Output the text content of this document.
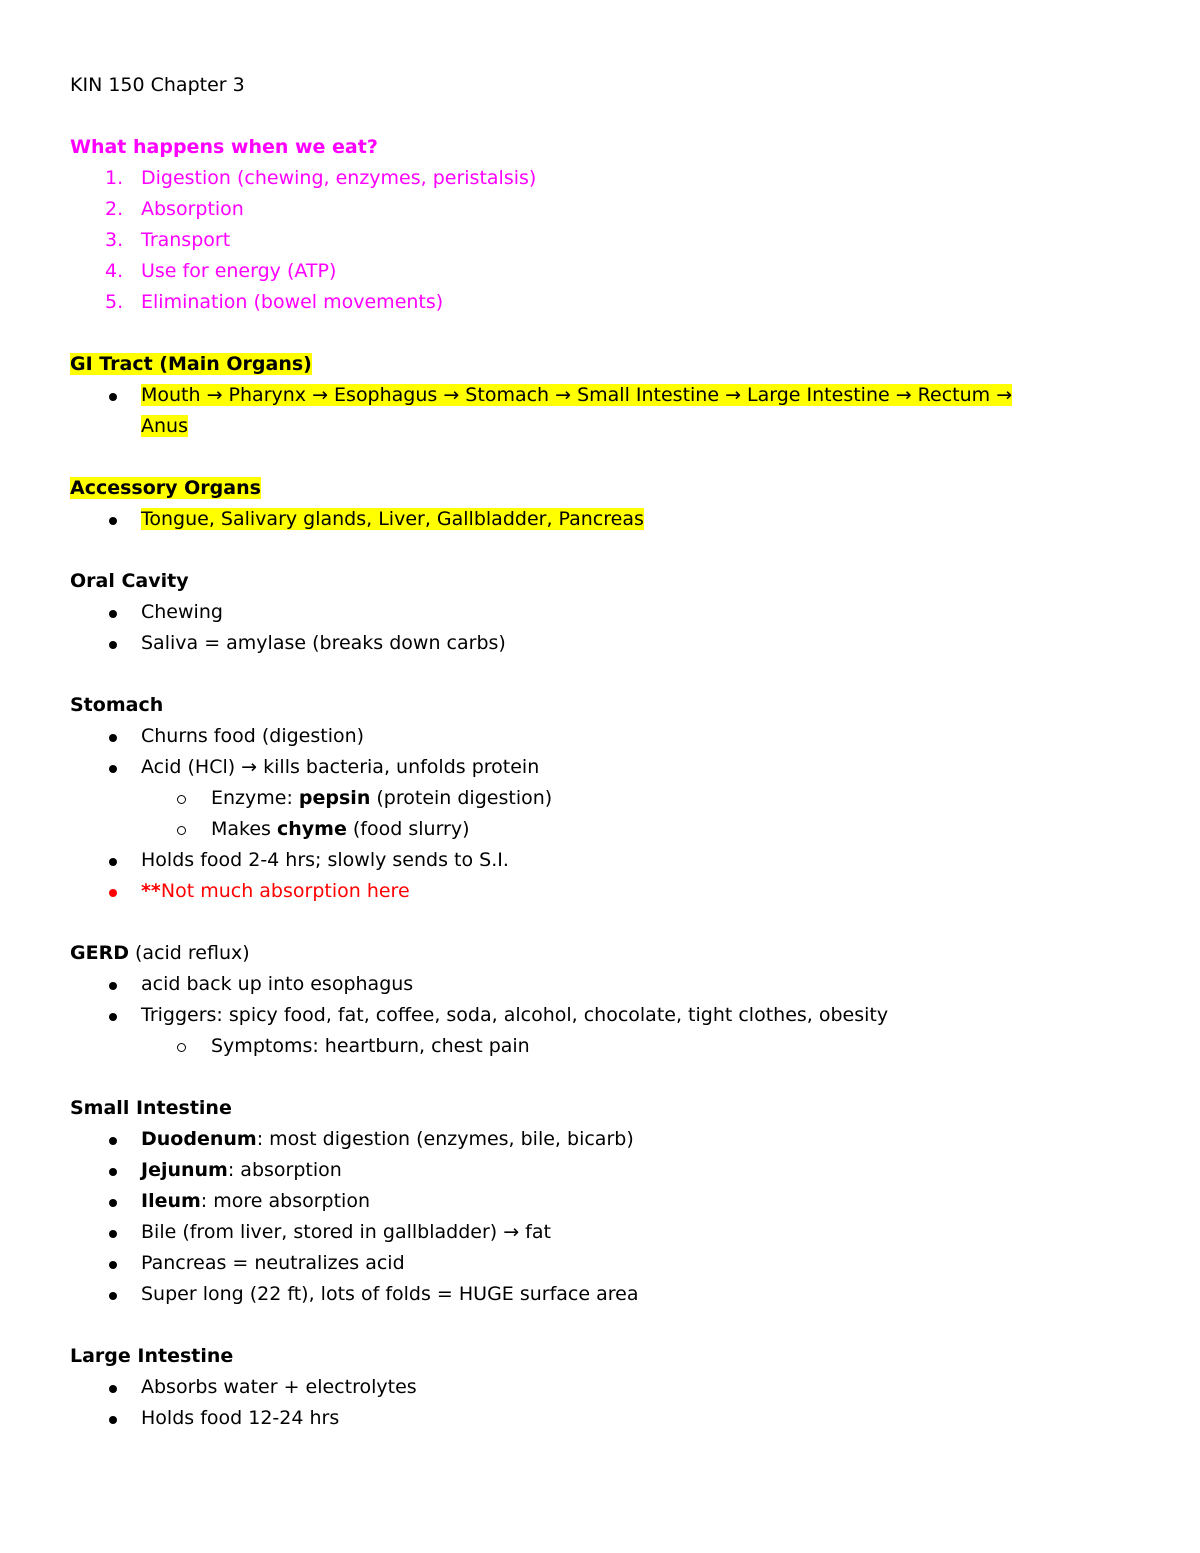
KIN 150 Chapter 3

What happens when we eat?

1. Digestion (chewing, enzymes, peristalsis)
2. Absorption
3. Transport
4. Use for energy (ATP)
5. Elimination (bowel movements)

GI Tract (Main Organs)

Mouth → Pharynx → Esophagus → Stomach → Small Intestine → Large Intestine → Rectum →
Anus

Accessory Organs

Tongue, Salivary glands, Liver, Gallbladder, Pancreas

Oral Cavity

Chewing
Saliva = amylase (breaks down carbs)

Stomach

Churns food (digestion)
Acid (HCl) → kills bacteria, unfolds protein
Enzyme: pepsin (protein digestion)
Makes chyme (food slurry)
Holds food 2-4 hrs; slowly sends to S.I.
**Not much absorption here

GERD (acid reflux)

acid back up into esophagus
Triggers: spicy food, fat, coffee, soda, alcohol, chocolate, tight clothes, obesity
Symptoms: heartburn, chest pain

Small Intestine

Duodenum: most digestion (enzymes, bile, bicarb)
Jejunum: absorption
Ileum: more absorption
Bile (from liver, stored in gallbladder) → fat
Pancreas = neutralizes acid
Super long (22 ft), lots of folds = HUGE surface area

Large Intestine

Absorbs water + electrolytes
Holds food 12-24 hrs
